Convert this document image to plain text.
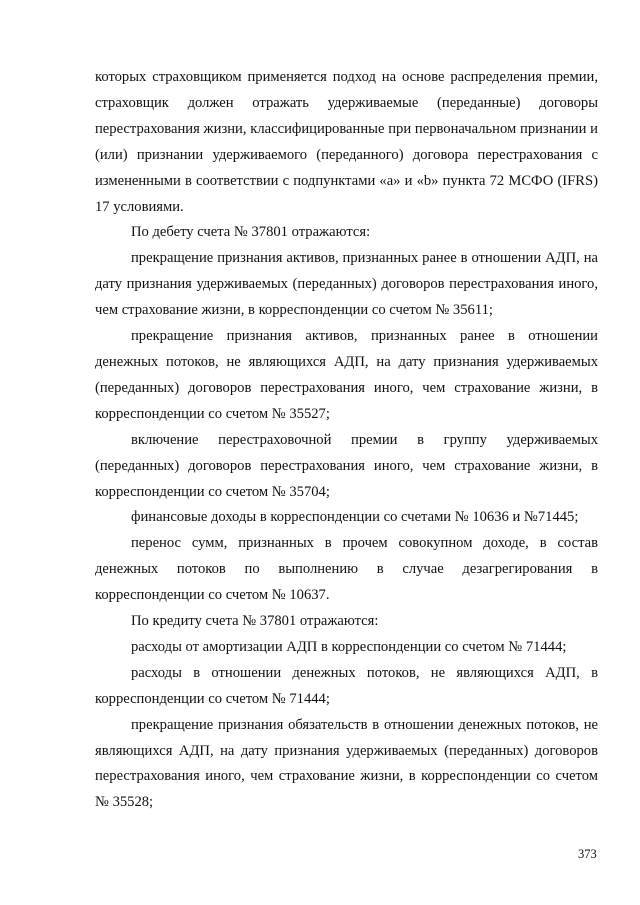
которых страховщиком применяется подход на основе распределения премии, страховщик должен отражать удерживаемые (переданные) договоры перестрахования жизни, классифицированные при первоначальном признании и (или) признании удерживаемого (переданного) договора перестрахования с измененными в соответствии с подпунктами «а» и «b» пункта 72 МСФО (IFRS) 17 условиями.

По дебету счета № 37801 отражаются:

прекращение признания активов, признанных ранее в отношении АДП, на дату признания удерживаемых (переданных) договоров перестрахования иного, чем страхование жизни, в корреспонденции со счетом № 35611;

прекращение признания активов, признанных ранее в отношении денежных потоков, не являющихся АДП, на дату признания удерживаемых (переданных) договоров перестрахования иного, чем страхование жизни, в корреспонденции со счетом № 35527;

включение перестраховочной премии в группу удерживаемых (переданных) договоров перестрахования иного, чем страхование жизни, в корреспонденции со счетом № 35704;

финансовые доходы в корреспонденции со счетами № 10636 и №71445;

перенос сумм, признанных в прочем совокупном доходе, в состав денежных потоков по выполнению в случае дезагрегирования в корреспонденции со счетом № 10637.

По кредиту счета № 37801 отражаются:

расходы от амортизации АДП в корреспонденции со счетом № 71444;

расходы в отношении денежных потоков, не являющихся АДП, в корреспонденции со счетом № 71444;

прекращение признания обязательств в отношении денежных потоков, не являющихся АДП, на дату признания удерживаемых (переданных) договоров перестрахования иного, чем страхование жизни, в корреспонденции со счетом № 35528;

373
